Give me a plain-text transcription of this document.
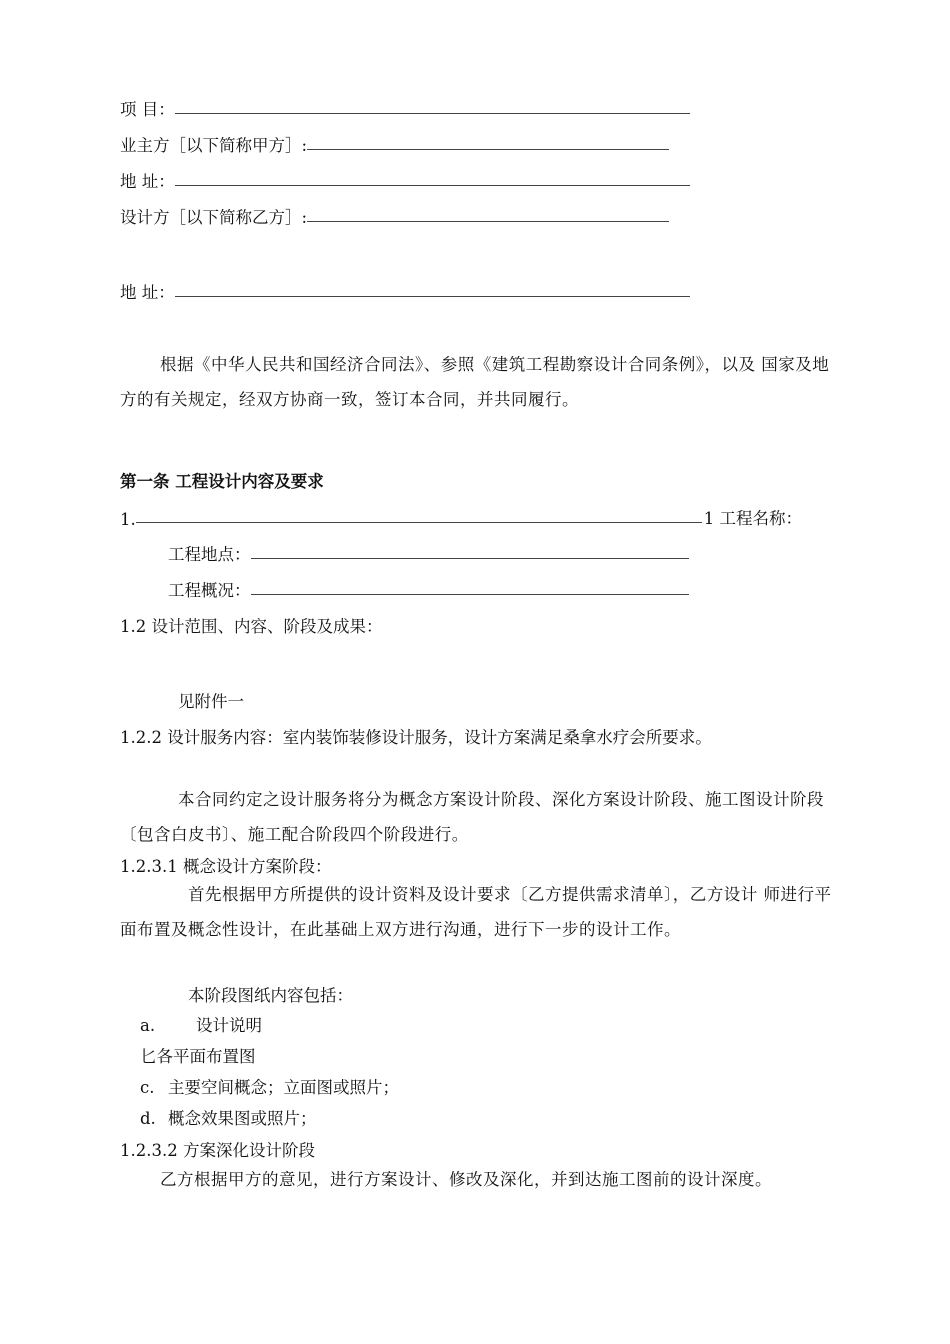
项 目：
业主方［以下简称甲方］:
地 址：
设计方［以下简称乙方］:
地 址：
根据《中华人民共和国经济合同法》、参照《建筑工程勘察设计合同条例》，以及 国家及地方的有关规定，经双方协商一致，签订本合同，并共同履行。
第一条 工程设计内容及要求
1.	1 工程名称：
工程地点：
工程概况：
1.2 设计范围、内容、阶段及成果：
见附件一
1.2.2 设计服务内容：室内装饰装修设计服务，设计方案满足桑拿水疗会所要求。
本合同约定之设计服务将分为概念方案设计阶段、深化方案设计阶段、施工图设计阶段〔包含白皮书〕、施工配合阶段四个阶段进行。
1.2.3.1 概念设计方案阶段：
首先根据甲方所提供的设计资料及设计要求〔乙方提供需求清单〕，乙方设计 师进行平面布置及概念性设计，在此基础上双方进行沟通，进行下一步的设计工作。
本阶段图纸内容包括：
a. 设计说明
匕各平面布置图
c. 主要空间概念；立面图或照片；
d. 概念效果图或照片；
1.2.3.2 方案深化设计阶段
乙方根据甲方的意见，进行方案设计、修改及深化，并到达施工图前的设计深度。
